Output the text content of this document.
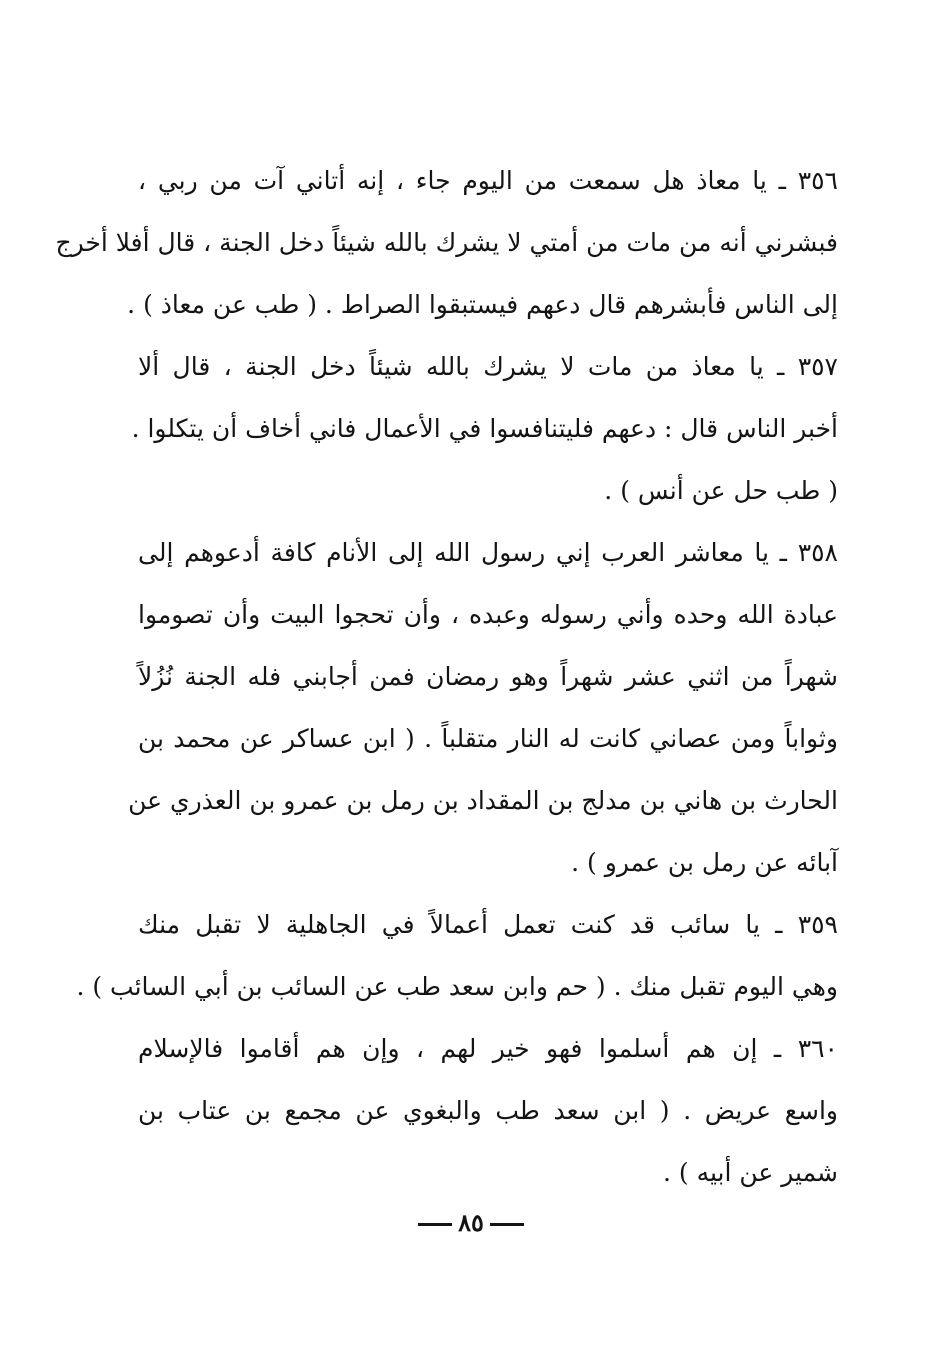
٣٥٦ ـ يا معاذ هل سمعت من اليوم جاء ، إنه أتاني آت من ربي ،
فبشرني أنه من مات من أمتي لا يشرك بالله شيئاً دخل الجنة ، قال أفلا أخرج
إلى الناس فأبشرهم قال دعهم فيستبقوا الصراط . ( طب عن معاذ ) .
٣٥٧ ـ يا معاذ من مات لا يشرك بالله شيئاً دخل الجنة ، قال ألا
أخبر الناس قال : دعهم فليتنافسوا في الأعمال فاني أخاف أن يتكلوا .
( طب حل عن أنس ) .
٣٥٨ ـ يا معاشر العرب إني رسول الله إلى الأنام كافة أدعوهم إلى
عبادة الله وحده وأني رسوله وعبده ، وأن تحجوا البيت وأن تصوموا
شهراً من اثني عشر شهراً وهو رمضان فمن أجابني فله الجنة نُزُلاً
وثواباً ومن عصاني كانت له النار متقلباً . ( ابن عساكر عن محمد بن
الحارث بن هاني بن مدلج بن المقداد بن رمل بن عمرو بن العذري عن
آبائه عن رمل بن عمرو ) .
٣٥٩ ـ يا سائب قد كنت تعمل أعمالاً في الجاهلية لا تقبل منك
وهي اليوم تقبل منك . ( حم وابن سعد طب عن السائب بن أبي السائب ) .
٣٦٠ ـ إن هم أسلموا فهو خير لهم ، وإن هم أقاموا فالإسلام
واسع عريض . ( ابن سعد طب والبغوي عن مجمع بن عتاب بن
شمير عن أبيه ) .
٨٥
